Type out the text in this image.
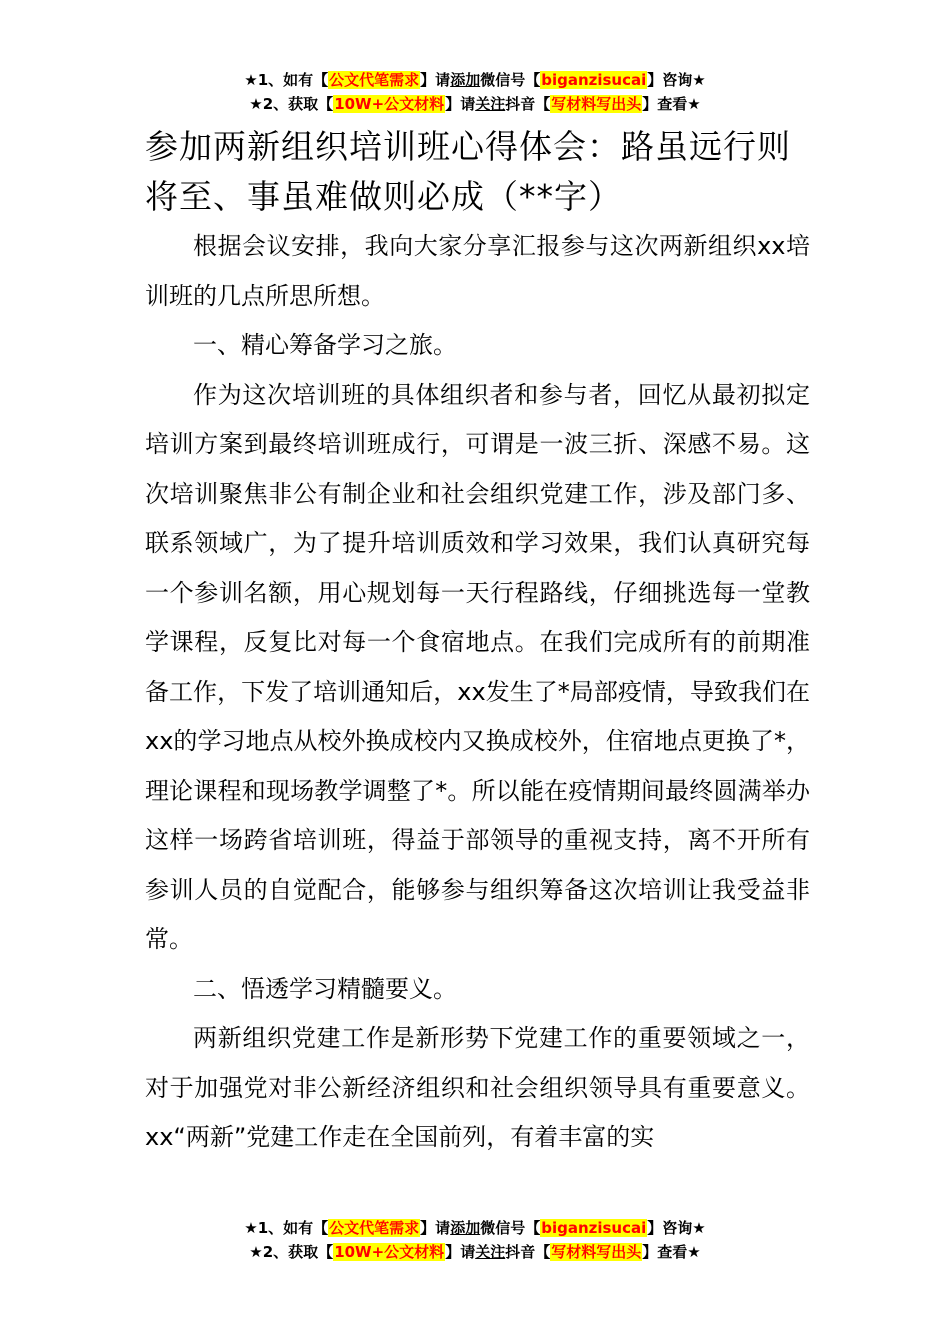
★1、如有【公文代笔需求】请添加微信号【biganzisucai】咨询★
★2、获取【10W+公文材料】请关注抖音【写材料写出头】查看★
参加两新组织培训班心得体会：路虽远行则将至、事虽难做则必成（**字）

根据会议安排，我向大家分享汇报参与这次两新组织xx培训班的几点所思所想。

一、精心筹备学习之旅。

作为这次培训班的具体组织者和参与者，回忆从最初拟定培训方案到最终培训班成行，可谓是一波三折、深感不易。这次培训聚焦非公有制企业和社会组织党建工作，涉及部门多、联系领域广，为了提升培训质效和学习效果，我们认真研究每一个参训名额，用心规划每一天行程路线，仔细挑选每一堂教学课程，反复比对每一个食宿地点。在我们完成所有的前期准备工作，下发了培训通知后，xx发生了*局部疫情，导致我们在xx的学习地点从校外换成校内又换成校外，住宿地点更换了*，理论课程和现场教学调整了*。所以能在疫情期间最终圆满举办这样一场跨省培训班，得益于部领导的重视支持，离不开所有参训人员的自觉配合，能够参与组织筹备这次培训让我受益非常。

二、悟透学习精髓要义。

两新组织党建工作是新形势下党建工作的重要领域之一，对于加强党对非公新经济组织和社会组织领导具有重要意义。xx“两新”党建工作走在全国前列，有着丰富的实

★1、如有【公文代笔需求】请添加微信号【biganzisucai】咨询★
★2、获取【10W+公文材料】请关注抖音【写材料写出头】查看★
